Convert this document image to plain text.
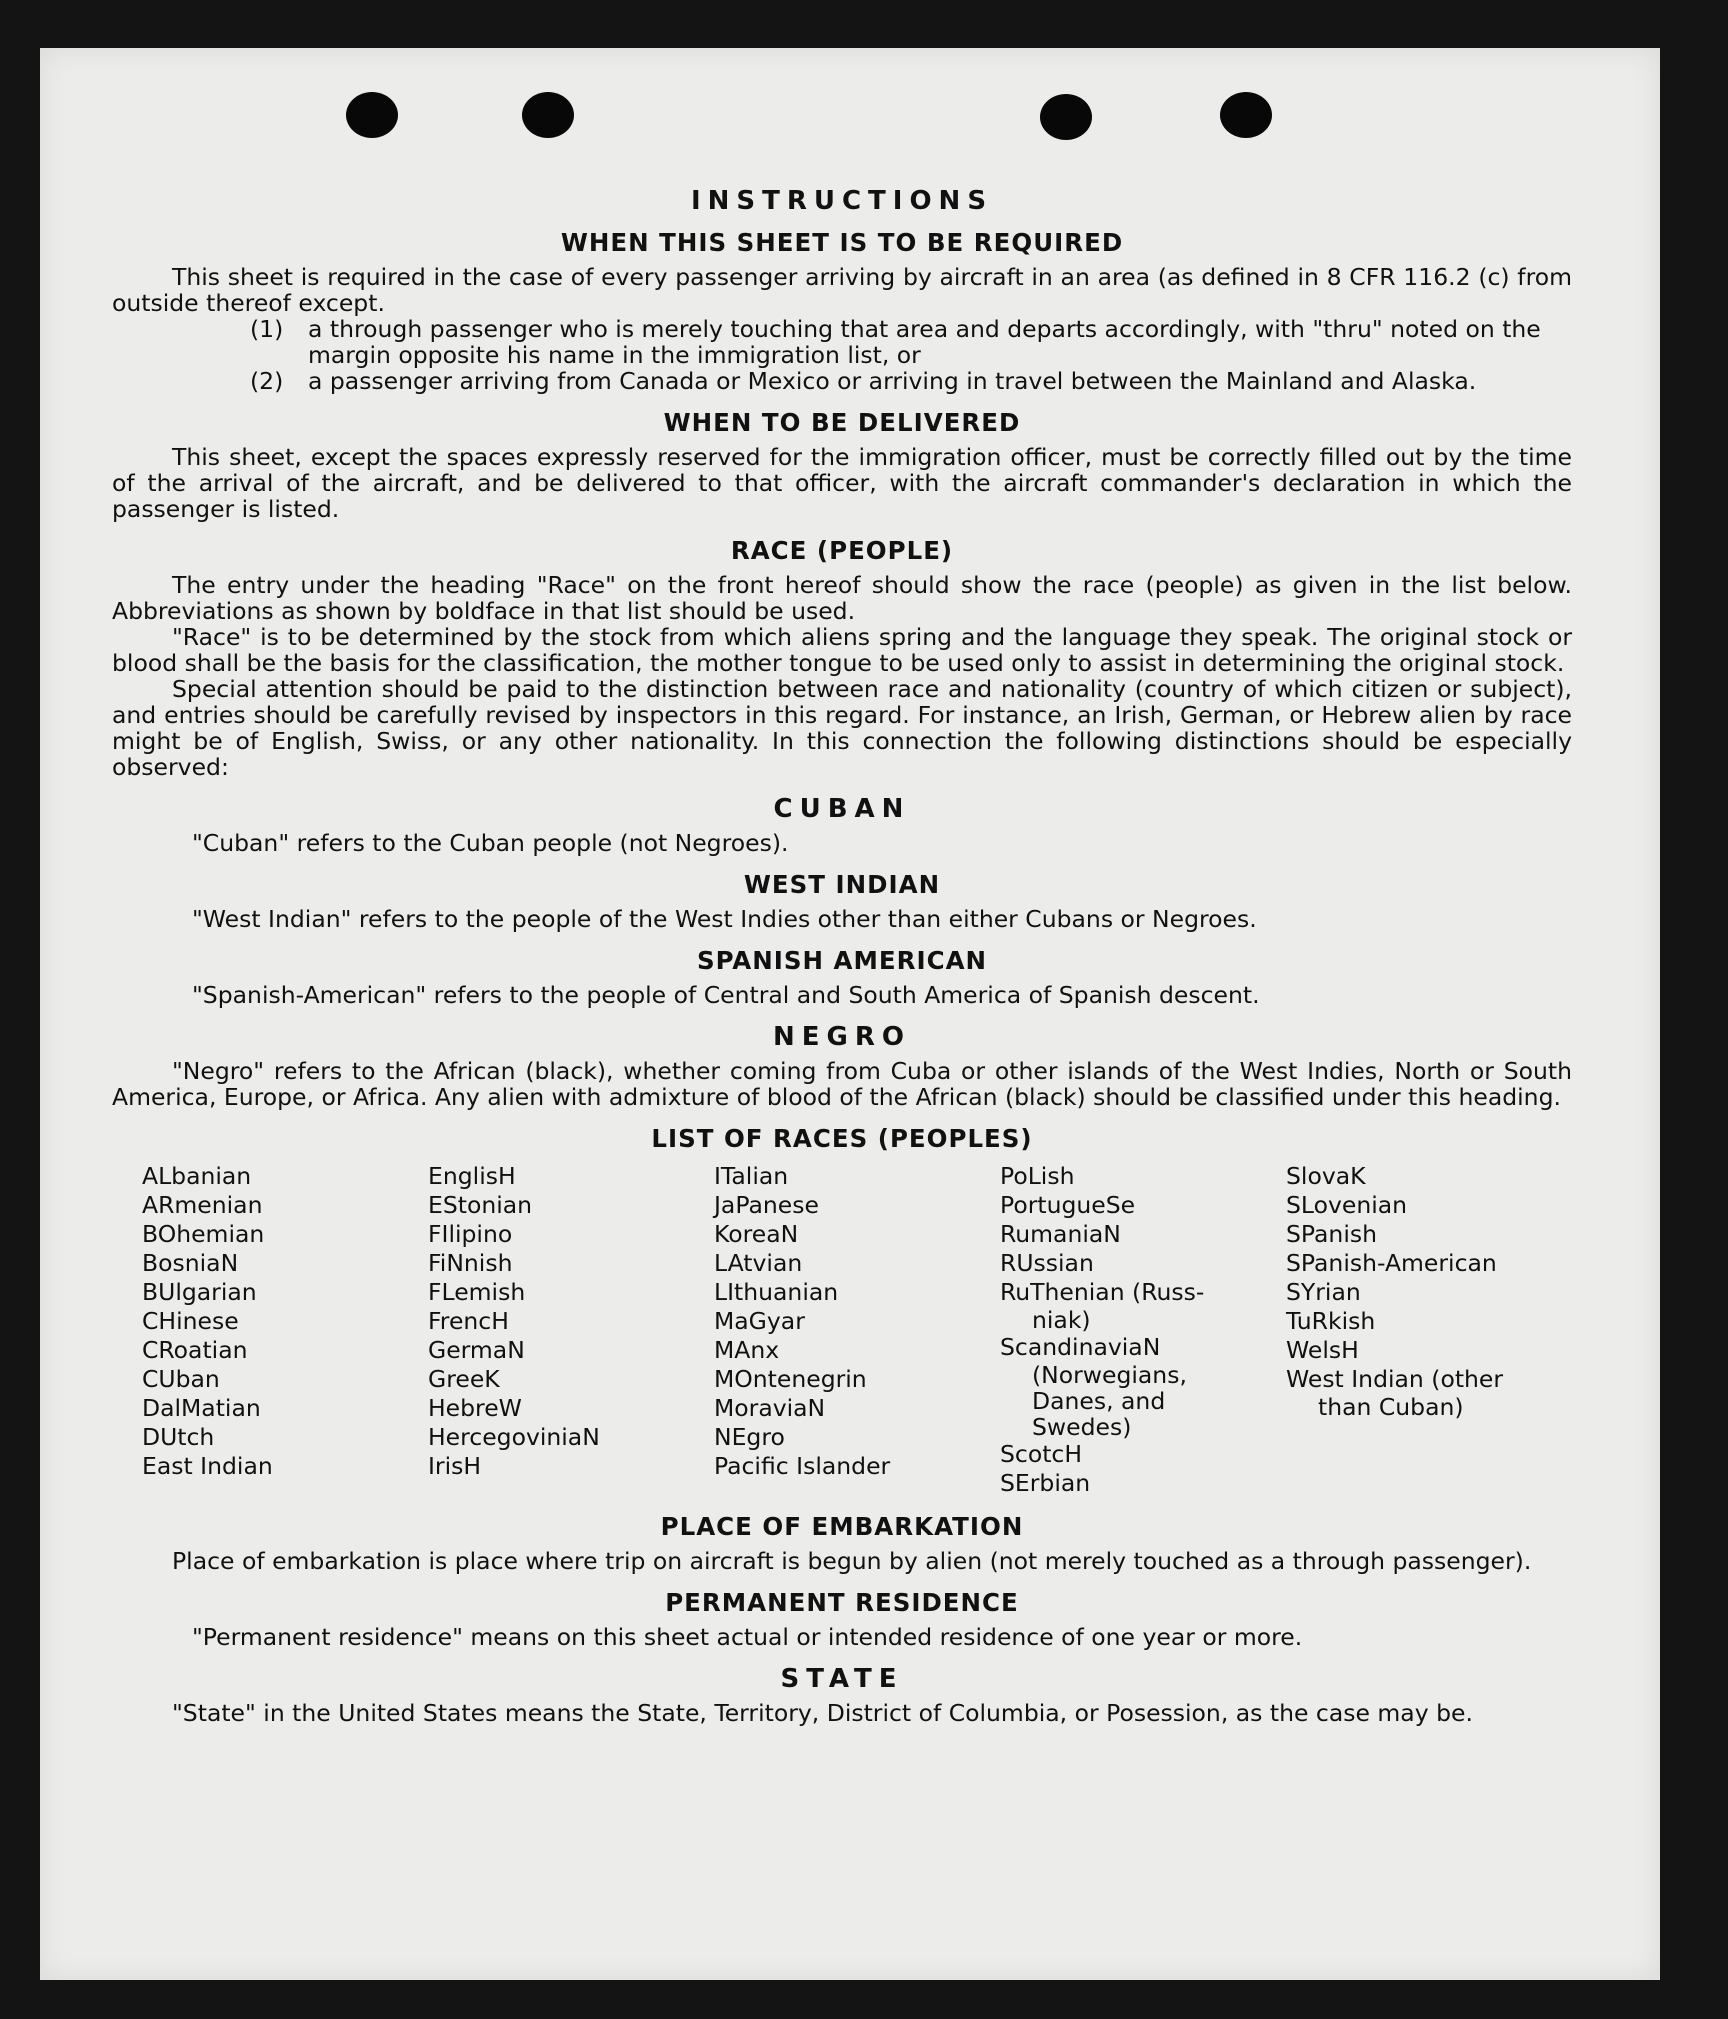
INSTRUCTIONS
WHEN THIS SHEET IS TO BE REQUIRED

This sheet is required in the case of every passenger arriving by aircraft in an area (as defined in 8 CFR 116.2 (c) from outside thereof except.

(1)	a through passenger who is merely touching that area and departs accordingly, with "thru" noted on the margin opposite his name in the immigration list, or
(2)	a passenger arriving from Canada or Mexico or arriving in travel between the Mainland and Alaska.
WHEN TO BE DELIVERED

This sheet, except the spaces expressly reserved for the immigration officer, must be correctly filled out by the time of the arrival of the aircraft, and be delivered to that officer, with the aircraft commander's declaration in which the passenger is listed.

RACE (PEOPLE)

The entry under the heading "Race" on the front hereof should show the race (people) as given in the list below. Abbreviations as shown by boldface in that list should be used.

"Race" is to be determined by the stock from which aliens spring and the language they speak. The original stock or blood shall be the basis for the classification, the mother tongue to be used only to assist in determining the original stock.

Special attention should be paid to the distinction between race and nationality (country of which citizen or subject), and entries should be carefully revised by inspectors in this regard. For instance, an Irish, German, or Hebrew alien by race might be of English, Swiss, or any other nationality. In this connection the following distinctions should be especially observed:

CUBAN

"Cuban" refers to the Cuban people (not Negroes).

WEST INDIAN

"West Indian" refers to the people of the West Indies other than either Cubans or Negroes.

SPANISH AMERICAN

"Spanish-American" refers to the people of Central and South America of Spanish descent.

NEGRO

"Negro" refers to the African (black), whether coming from Cuba or other islands of the West Indies, North or South America, Europe, or Africa. Any alien with admixture of blood of the African (black) should be classified under this heading.

LIST OF RACES (PEOPLES)

ALbanian

ARmenian

BOhemian

BosniaN

BUlgarian

CHinese

CRoatian

CUban

DalMatian

DUtch

East Indian

EnglisH

EStonian

FIlipino

FiNnish

FLemish

FrencH

GermaN

GreeK

HebreW

HercegoviniaN

IrisH

ITalian

JaPanese

KoreaN

LAtvian

LIthuanian

MaGyar

MAnx

MOntenegrin

MoraviaN

NEgro

Pacific Islander

PoLish

PortugueSe

RumaniaN

RUssian

RuThenian (Russ-

niak)

ScandinaviaN

(Norwegians,

Danes, and

Swedes)

ScotcH

SErbian

SlovaK

SLovenian

SPanish

SPanish-American

SYrian

TuRkish

WelsH

West Indian (other

than Cuban)

PLACE OF EMBARKATION

Place of embarkation is place where trip on aircraft is begun by alien (not merely touched as a through passenger).

PERMANENT RESIDENCE

"Permanent residence" means on this sheet actual or intended residence of one year or more.

STATE

"State" in the United States means the State, Territory, District of Columbia, or Posession, as the case may be.
